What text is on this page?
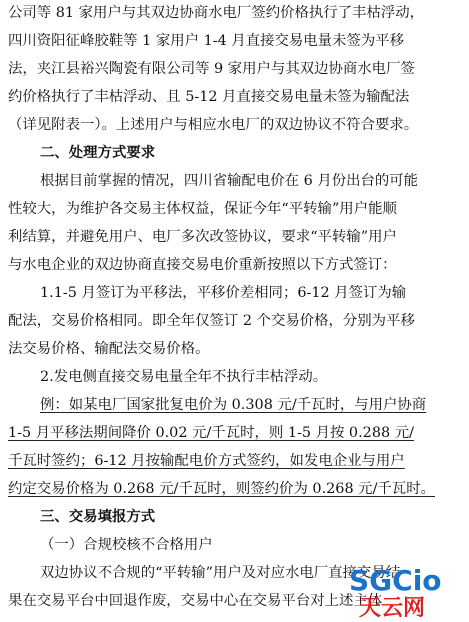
公司等 81 家用户与其双边协商水电厂签约价格执行了丰枯浮动，
四川资阳征峰胶鞋等 1 家用户 1-4 月直接交易电量未签为平移
法，夹江县裕兴陶瓷有限公司等 9 家用户与其双边协商水电厂签
约价格执行了丰枯浮动、且 5-12 月直接交易电量未签为输配法
（详见附表一）。上述用户与相应水电厂的双边协议不符合要求。
二、处理方式要求
根据目前掌握的情况，四川省输配电价在 6 月份出台的可能
性较大，为维护各交易主体权益，保证今年“平转输”用户能顺
利结算，并避免用户、电厂多次改签协议，要求“平转输”用户
与水电企业的双边协商直接交易电价重新按照以下方式签订：
1.1-5 月签订为平移法，平移价差相同；6-12 月签订为输
配法，交易价格相同。即全年仅签订 2 个交易价格，分别为平移
法交易价格、输配法交易价格。
2.发电侧直接交易电量全年不执行丰枯浮动。
例：如某电厂国家批复电价为 0.308 元/千瓦时，与用户协商
1-5 月平移法期间降价 0.02 元/千瓦时，则 1-5 月按 0.288 元/
千瓦时签约；6-12 月按输配电价方式签约，如发电企业与用户
约定交易价格为 0.268 元/千瓦时，则签约价为 0.268 元/千瓦时。
三、交易填报方式
（一）合规校核不合格用户
双边协议不合规的“平转输”用户及对应水电厂直接交易结
果在交易平台中回退作废，交易中心在交易平台对上述主体
SGCio
天云网
